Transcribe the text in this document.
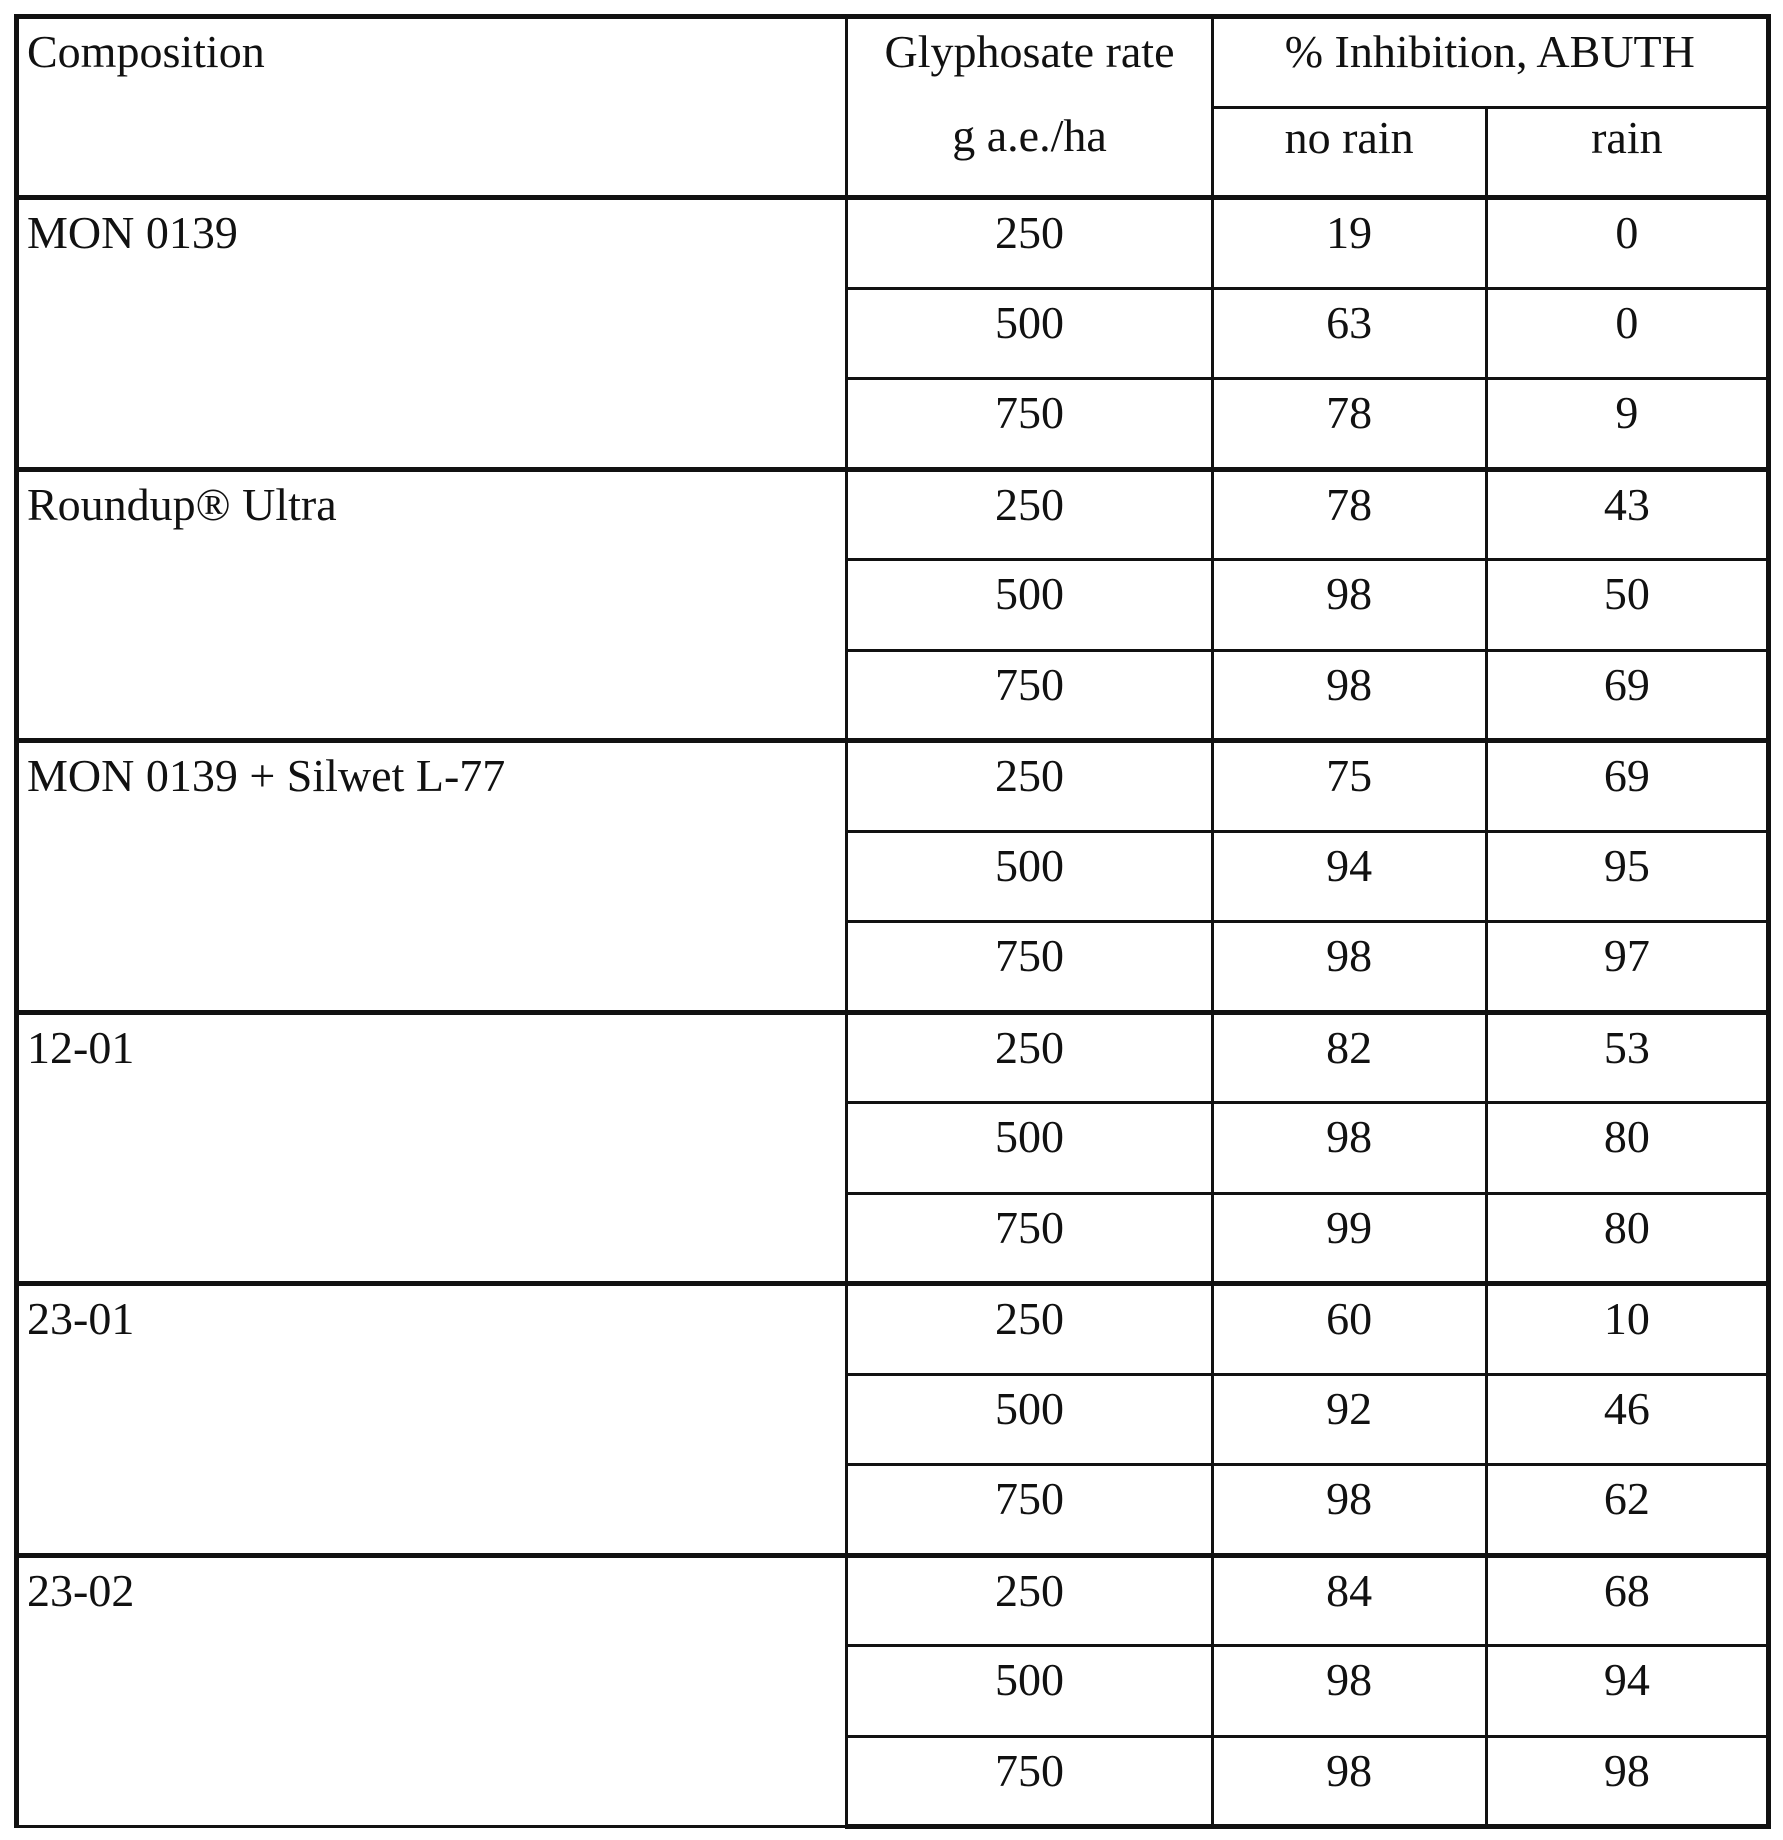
Composition	Glyphosate rate	% Inhibition, ABUTH	
	g a.e./ha	no rain	rain
MON 0139	250	19	0
	500	63	0
	750	78	9
Roundup® Ultra	250	78	43
	500	98	50
	750	98	69
MON 0139 + Silwet L-77	250	75	69
	500	94	95
	750	98	97
12-01	250	82	53
	500	98	80
	750	99	80
23-01	250	60	10
	500	92	46
	750	98	62
23-02	250	84	68
	500	98	94
	750	98	98
